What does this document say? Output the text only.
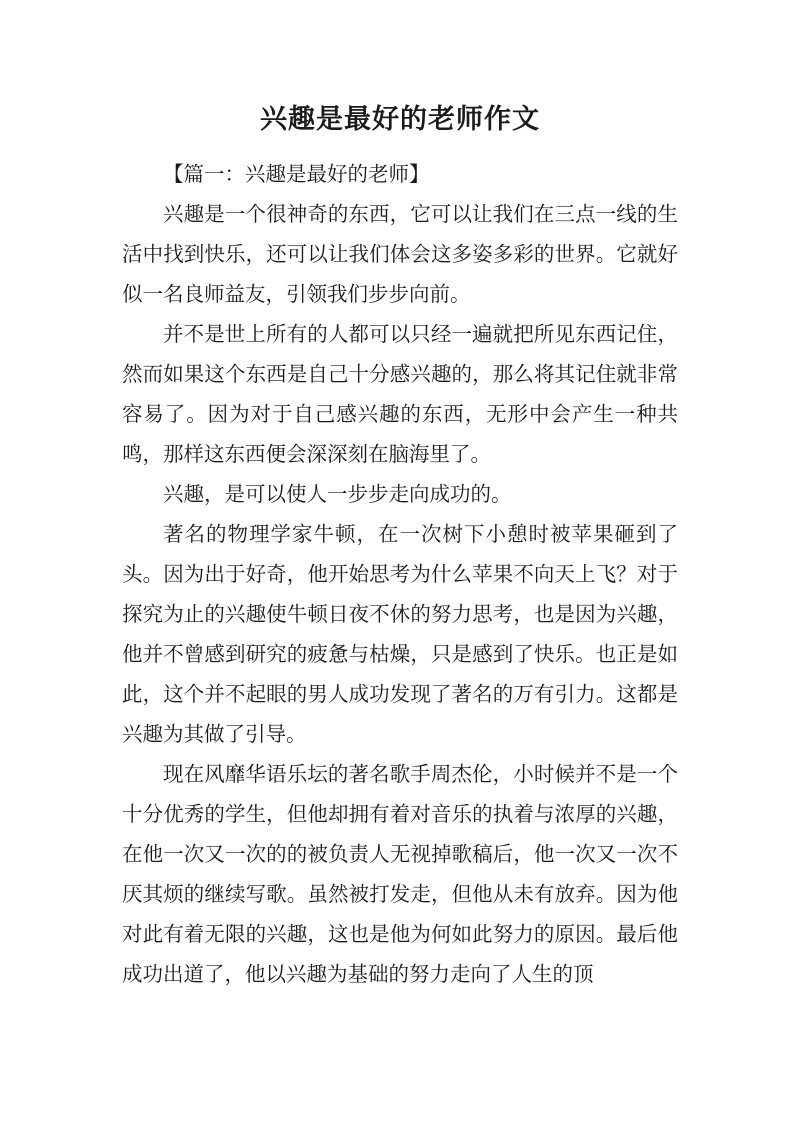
兴趣是最好的老师作文

【篇一：兴趣是最好的老师】

兴趣是一个很神奇的东西，它可以让我们在三点一线的生活中找到快乐，还可以让我们体会这多姿多彩的世界。它就好似一名良师益友，引领我们步步向前。

并不是世上所有的人都可以只经一遍就把所见东西记住，然而如果这个东西是自己十分感兴趣的，那么将其记住就非常容易了。因为对于自己感兴趣的东西，无形中会产生一种共鸣，那样这东西便会深深刻在脑海里了。

兴趣，是可以使人一步步走向成功的。

著名的物理学家牛顿，在一次树下小憩时被苹果砸到了头。因为出于好奇，他开始思考为什么苹果不向天上飞？对于探究为止的兴趣使牛顿日夜不休的努力思考，也是因为兴趣，他并不曾感到研究的疲惫与枯燥，只是感到了快乐。也正是如此，这个并不起眼的男人成功发现了著名的万有引力。这都是兴趣为其做了引导。

现在风靡华语乐坛的著名歌手周杰伦，小时候并不是一个十分优秀的学生，但他却拥有着对音乐的执着与浓厚的兴趣，在他一次又一次的的被负责人无视掉歌稿后，他一次又一次不厌其烦的继续写歌。虽然被打发走，但他从未有放弃。因为他对此有着无限的兴趣，这也是他为何如此努力的原因。最后他成功出道了，他以兴趣为基础的努力走向了人生的顶
